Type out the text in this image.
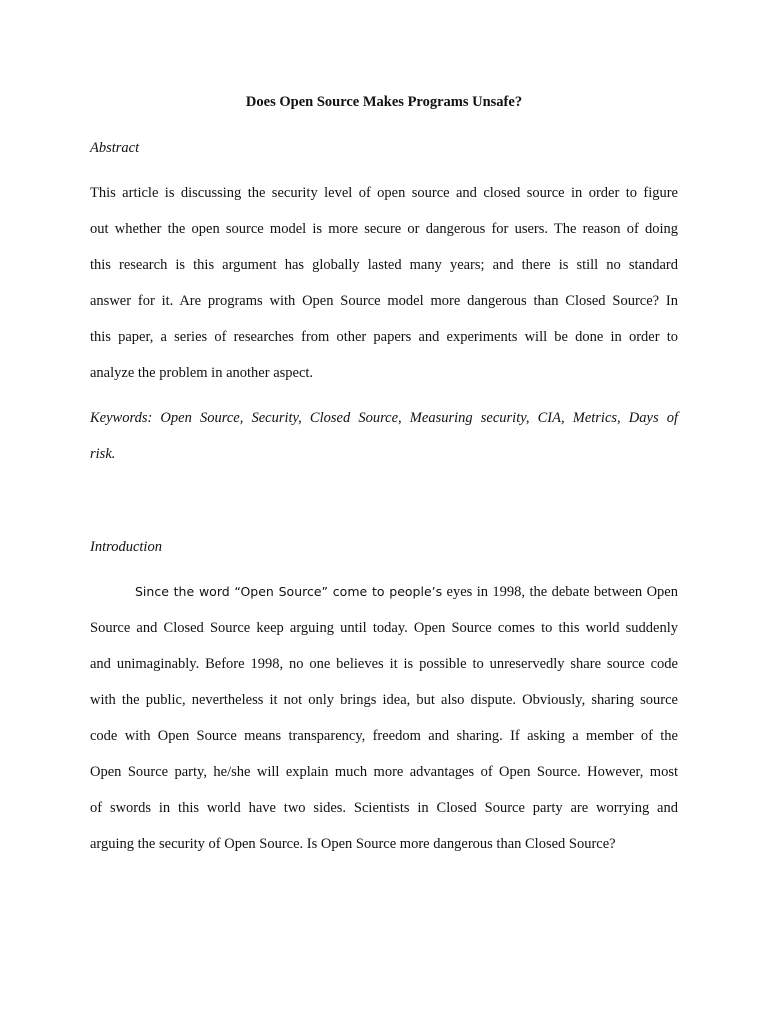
Does Open Source Makes Programs Unsafe?
Abstract
This article is discussing the security level of open source and closed source in order to figure
out whether the open source model is more secure or dangerous for users. The reason of doing
this research is this argument has globally lasted many years; and there is still no standard
answer for it. Are programs with Open Source model more dangerous than Closed Source? In
this paper, a series of researches from other papers and experiments will be done in order to
analyze the problem in another aspect.
Keywords: Open Source, Security, Closed Source, Measuring security, CIA, Metrics, Days of
risk.
Introduction
Since the word “Open Source” come to people’s eyes in 1998, the debate between Open
Source and Closed Source keep arguing until today. Open Source comes to this world suddenly
and unimaginably. Before 1998, no one believes it is possible to unreservedly share source code
with the public, nevertheless it not only brings idea, but also dispute. Obviously, sharing source
code with Open Source means transparency, freedom and sharing. If asking a member of the
Open Source party, he/she will explain much more advantages of Open Source. However, most
of swords in this world have two sides. Scientists in Closed Source party are worrying and
arguing the security of Open Source. Is Open Source more dangerous than Closed Source?
